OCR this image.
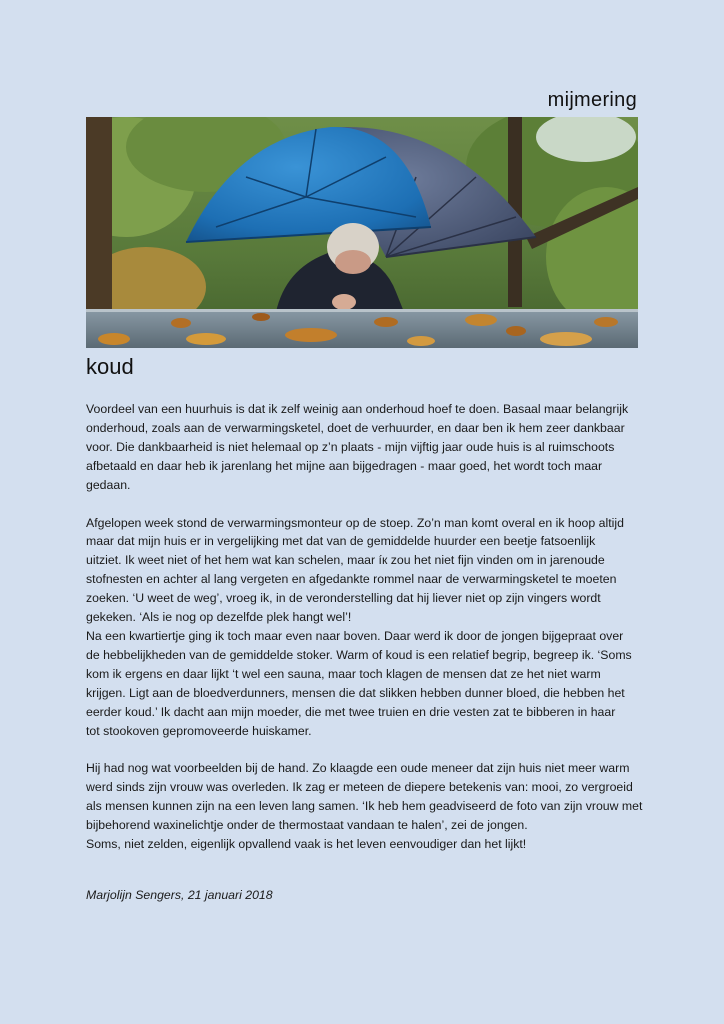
mijmering
koud

Voordeel van een huurhuis is dat ik zelf weinig aan onderhoud hoef te doen. Basaal maar belangrijk
onderhoud, zoals aan de verwarmingsketel, doet de verhuurder, en daar ben ik hem zeer dankbaar
voor. Die dankbaarheid is niet helemaal op z’n plaats - mijn vijftig jaar oude huis is al ruimschoots
afbetaald en daar heb ik jarenlang het mijne aan bijgedragen - maar goed, het wordt toch maar
gedaan.

Afgelopen week stond de verwarmingsmonteur op de stoep. Zo’n man komt overal en ik hoop altijd
maar dat mijn huis er in vergelijking met dat van de gemiddelde huurder een beetje fatsoenlijk
uitziet. Ik weet niet of het hem wat kan schelen, maar íк zou het niet fijn vinden om in jarenoude
stofnesten en achter al lang vergeten en afgedankte rommel naar de verwarmingsketel te moeten
zoeken. ‘U weet de weg’, vroeg ik, in de veronderstelling dat hij liever niet op zijn vingers wordt
gekeken. ‘Als ie nog op dezelfde plek hangt wel’!
Na een kwartiertje ging ik toch maar even naar boven. Daar werd ik door de jongen bijgepraat over
de hebbelijkheden van de gemiddelde stoker. Warm of koud is een relatief begrip, begreep ik. ‘Soms
kom ik ergens en daar lijkt ‘t wel een sauna, maar toch klagen de mensen dat ze het niet warm
krijgen. Ligt aan de bloedverdunners, mensen die dat slikken hebben dunner bloed, die hebben het
eerder koud.’ Ik dacht aan mijn moeder, die met twee truien en drie vesten zat te bibberen in haar
tot stookoven gepromoveerde huiskamer.

Hij had nog wat voorbeelden bij de hand. Zo klaagde een oude meneer dat zijn huis niet meer warm
werd sinds zijn vrouw was overleden. Ik zag er meteen de diepere betekenis van: mooi, zo vergroeid
als mensen kunnen zijn na een leven lang samen. ‘Ik heb hem geadviseerd de foto van zijn vrouw met
bijbehorend waxinelichtje onder de thermostaat vandaan te halen’, zei de jongen.
Soms, niet zelden, eigenlijk opvallend vaak is het leven eenvoudiger dan het lijkt!

Marjolijn Sengers, 21 januari 2018
